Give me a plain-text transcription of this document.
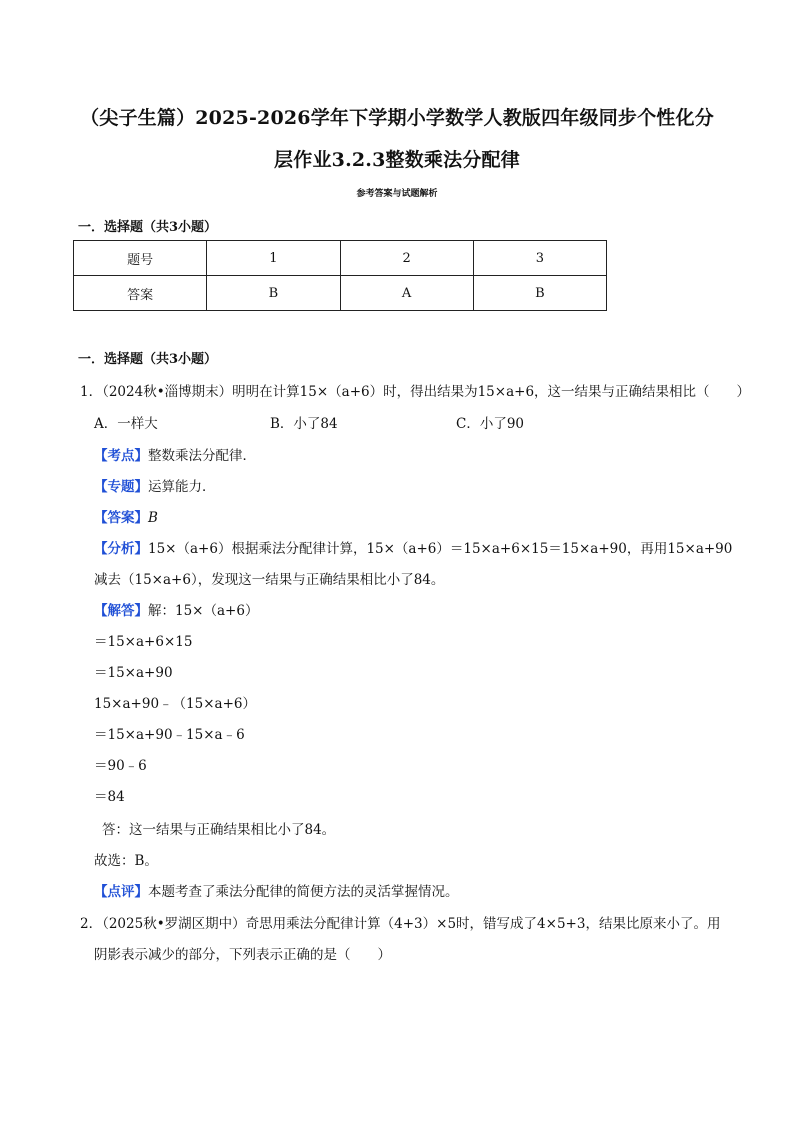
（尖子生篇）2025-2026学年下学期小学数学人教版四年级同步个性化分
层作业3.2.3整数乘法分配律
参考答案与试题解析
一．选择题（共3小题）
题号	1	2	3
答案	B	A	B
一．选择题（共3小题）
1．（2024秋•淄博期末）明明在计算15×（a+6）时，得出结果为15×a+6，这一结果与正确结果相比（　　）
A．一样大	B．小了84	C．小了90
【考点】整数乘法分配律．
【专题】运算能力．
【答案】B
【分析】15×（a+6）根据乘法分配律计算，15×（a+6）＝15×a+6×15＝15×a+90，再用15×a+90
减去（15×a+6），发现这一结果与正确结果相比小了84。
【解答】解：15×（a+6）
＝15×a+6×15
＝15×a+90
15×a+90﹣（15×a+6）
＝15×a+90﹣15×a﹣6
＝90﹣6
＝84
答：这一结果与正确结果相比小了84。
故选：B。
【点评】本题考查了乘法分配律的简便方法的灵活掌握情况。
2．（2025秋•罗湖区期中）奇思用乘法分配律计算（4+3）×5时，错写成了4×5+3，结果比原来小了。用
阴影表示减少的部分，下列表示正确的是（　　）
